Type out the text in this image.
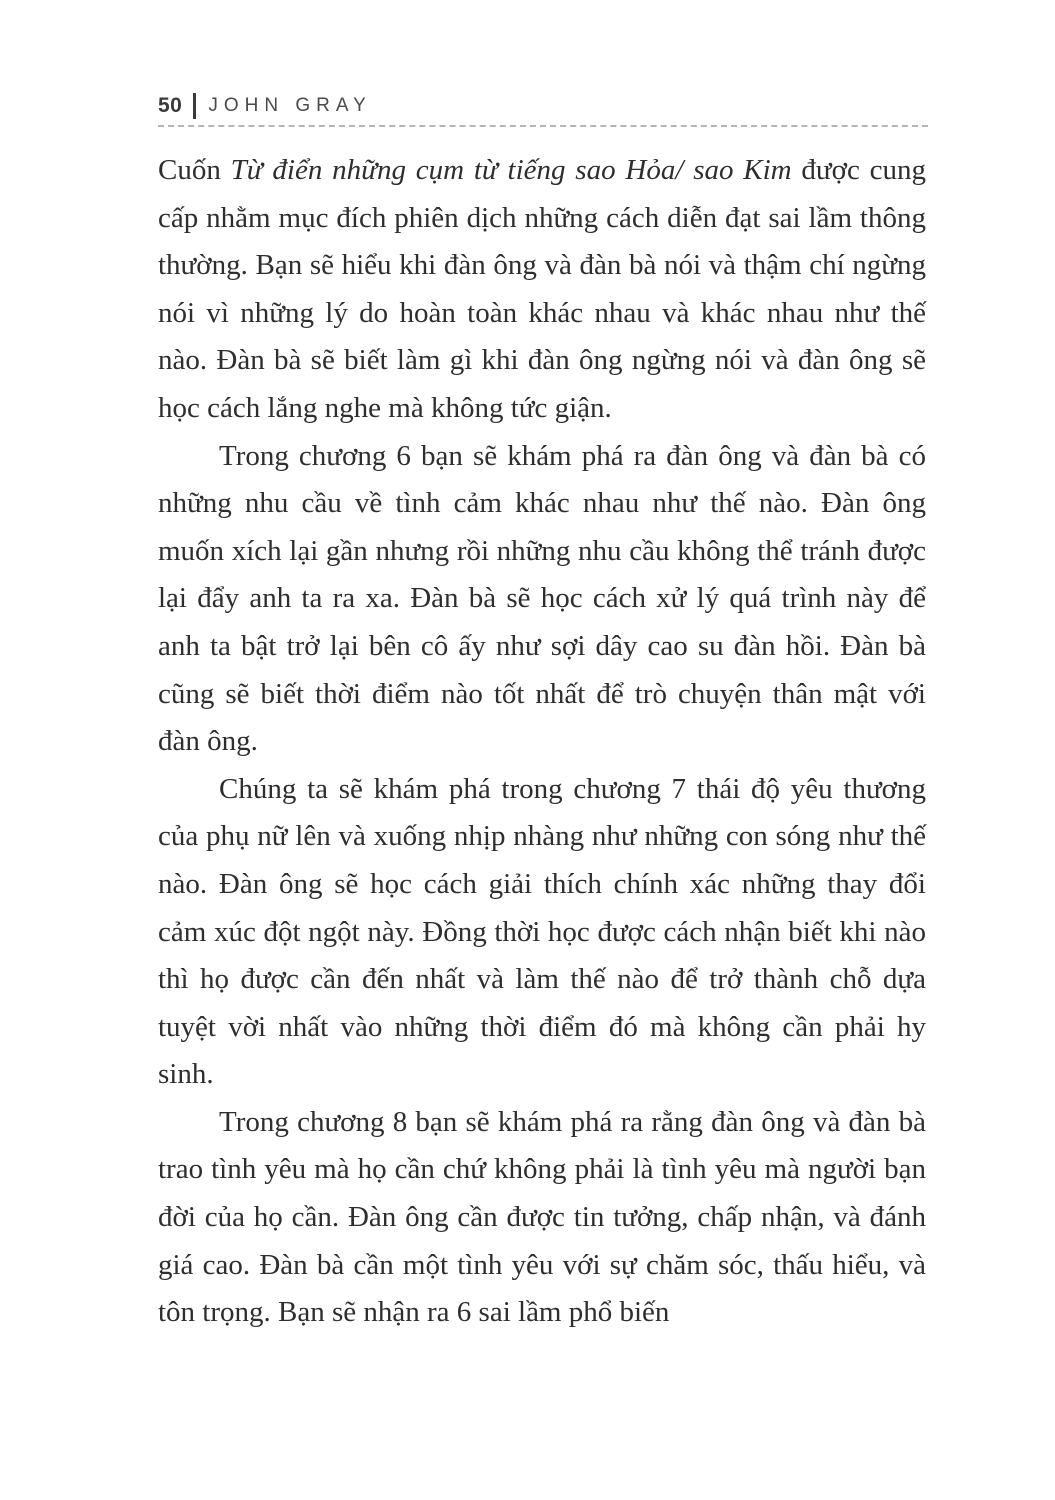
50 JOHN GRAY

Cuốn Từ điển những cụm từ tiếng sao Hỏa/ sao Kim được cung cấp nhằm mục đích phiên dịch những cách diễn đạt sai lầm thông thường. Bạn sẽ hiểu khi đàn ông và đàn bà nói và thậm chí ngừng nói vì những lý do hoàn toàn khác nhau và khác nhau như thế nào. Đàn bà sẽ biết làm gì khi đàn ông ngừng nói và đàn ông sẽ học cách lắng nghe mà không tức giận.

Trong chương 6 bạn sẽ khám phá ra đàn ông và đàn bà có những nhu cầu về tình cảm khác nhau như thế nào. Đàn ông muốn xích lại gần nhưng rồi những nhu cầu không thể tránh được lại đẩy anh ta ra xa. Đàn bà sẽ học cách xử lý quá trình này để anh ta bật trở lại bên cô ấy như sợi dây cao su đàn hồi. Đàn bà cũng sẽ biết thời điểm nào tốt nhất để trò chuyện thân mật với đàn ông.

Chúng ta sẽ khám phá trong chương 7 thái độ yêu thương của phụ nữ lên và xuống nhịp nhàng như những con sóng như thế nào. Đàn ông sẽ học cách giải thích chính xác những thay đổi cảm xúc đột ngột này. Đồng thời học được cách nhận biết khi nào thì họ được cần đến nhất và làm thế nào để trở thành chỗ dựa tuyệt vời nhất vào những thời điểm đó mà không cần phải hy sinh.

Trong chương 8 bạn sẽ khám phá ra rằng đàn ông và đàn bà trao tình yêu mà họ cần chứ không phải là tình yêu mà người bạn đời của họ cần. Đàn ông cần được tin tưởng, chấp nhận, và đánh giá cao. Đàn bà cần một tình yêu với sự chăm sóc, thấu hiểu, và tôn trọng. Bạn sẽ nhận ra 6 sai lầm phổ biến
